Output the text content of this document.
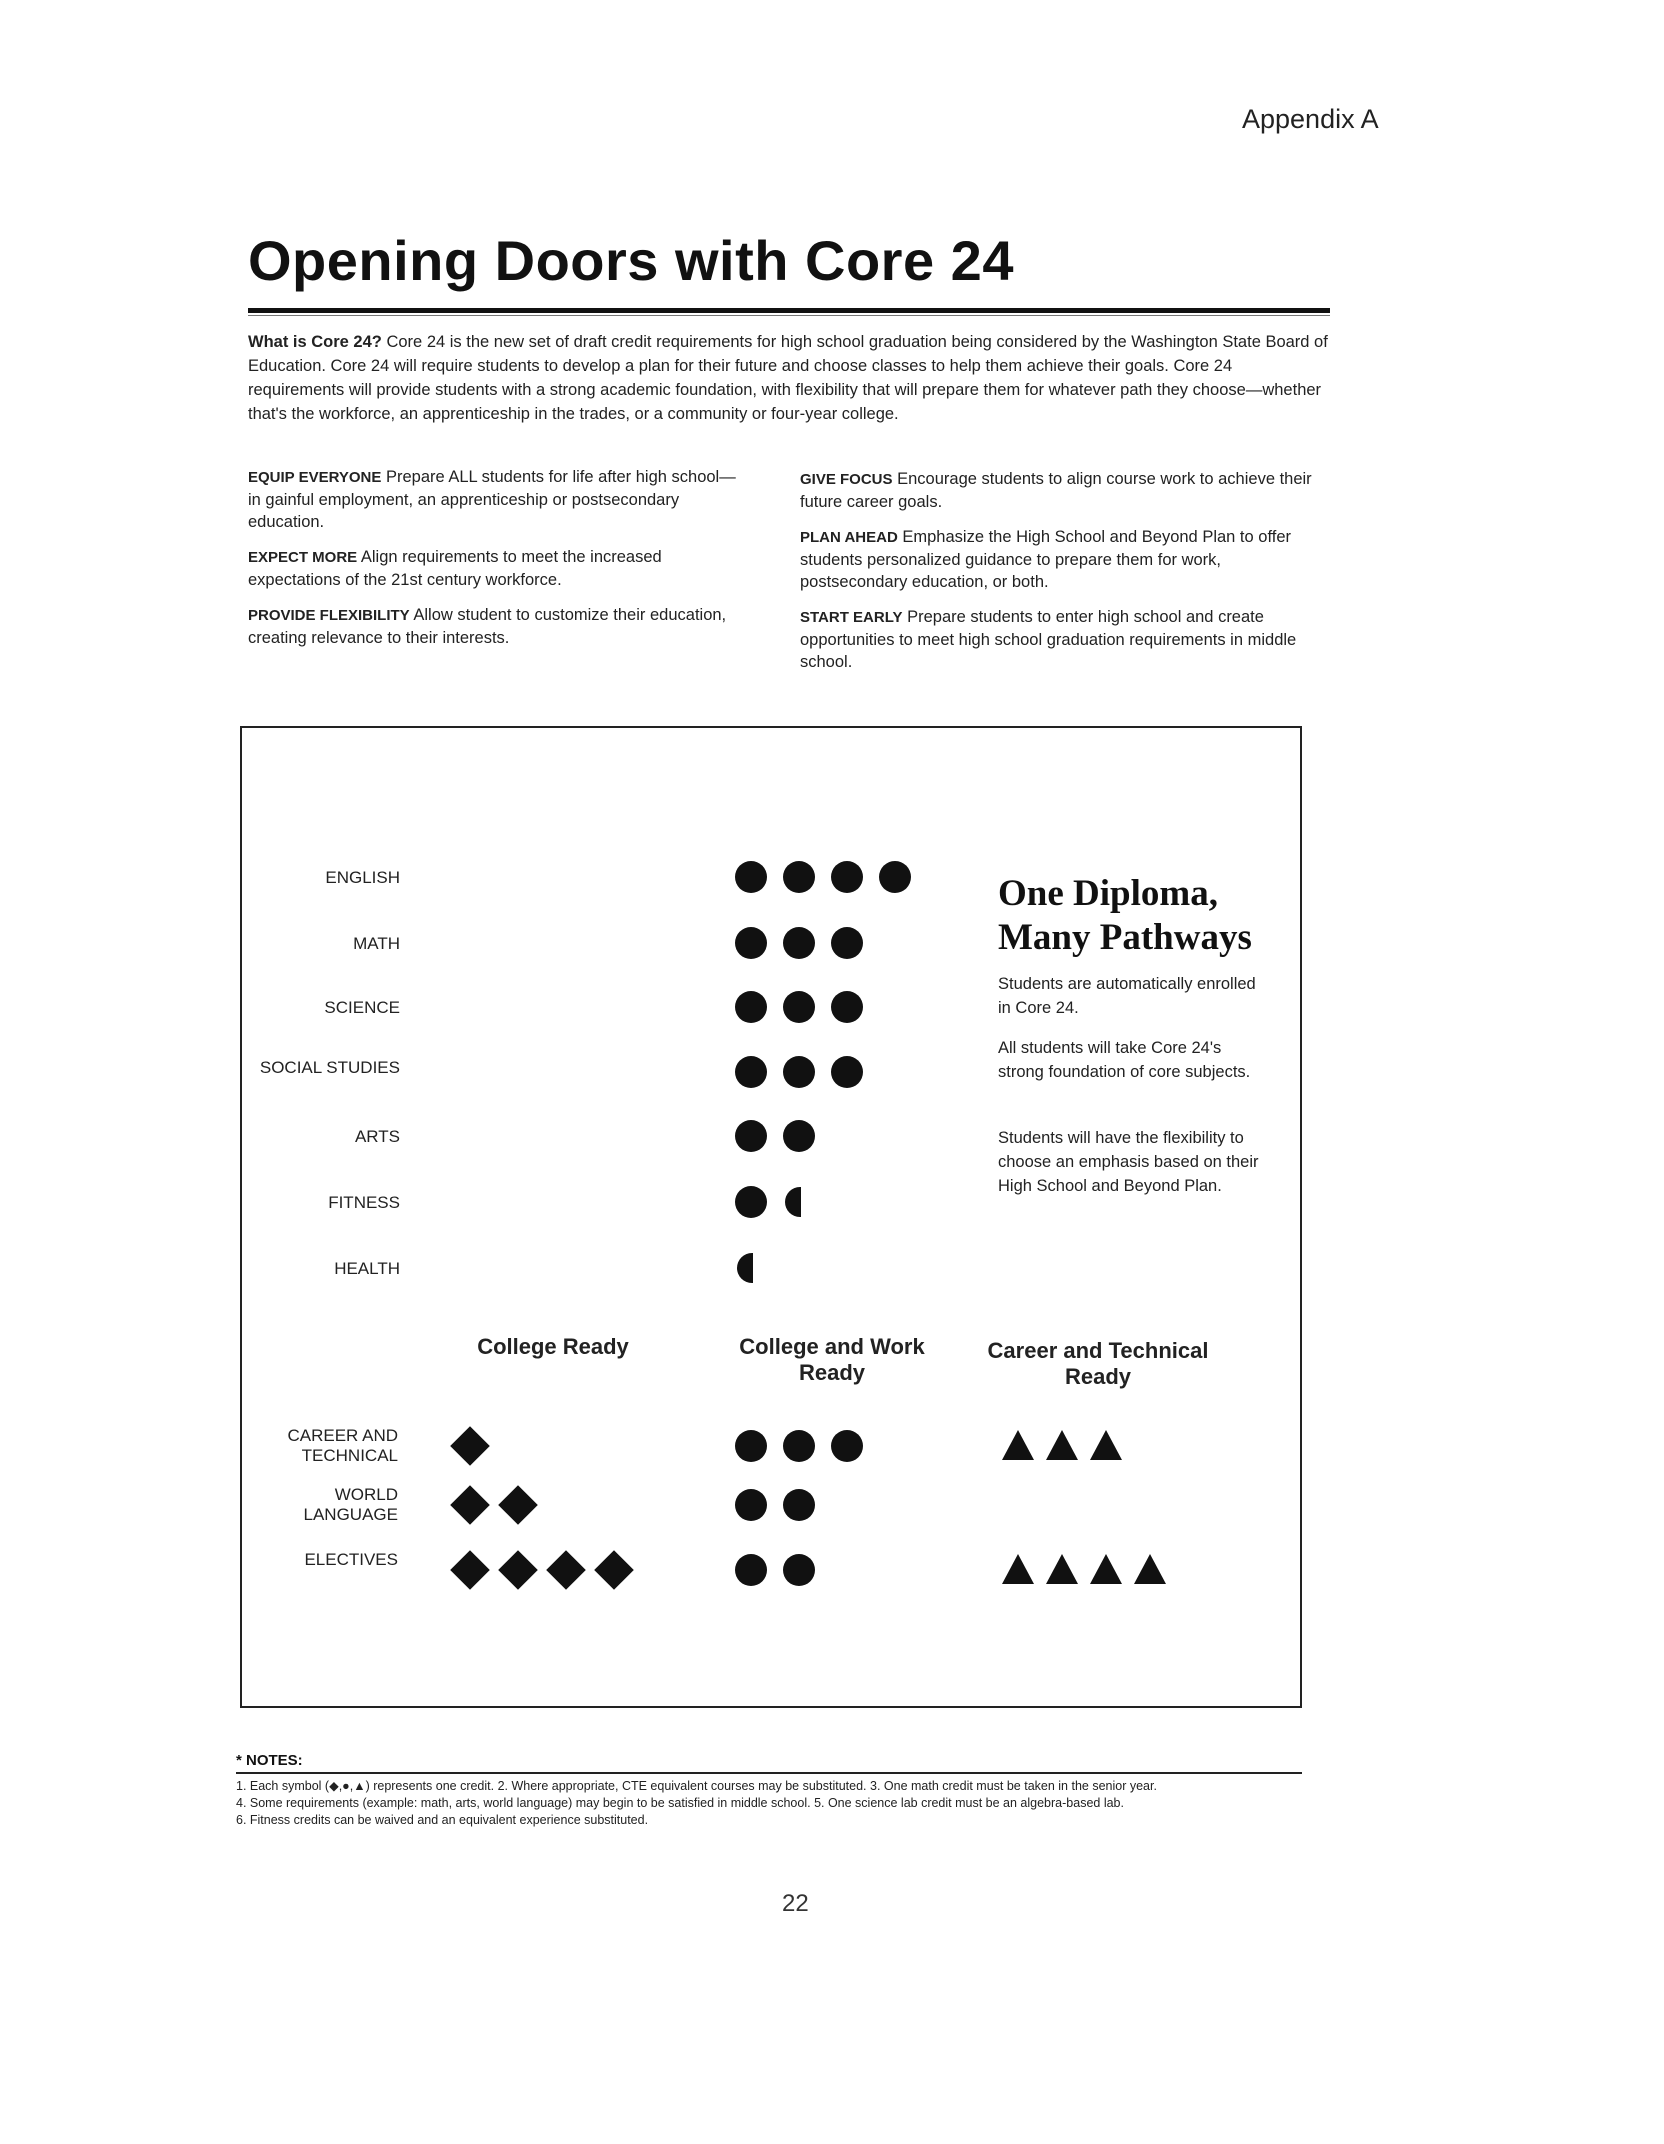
Appendix A
Opening Doors with Core 24
What is Core 24? Core 24 is the new set of draft credit requirements for high school graduation being considered by the Washington State Board of Education. Core 24 will require students to develop a plan for their future and choose classes to help them achieve their goals. Core 24 requirements will provide students with a strong academic foundation, with flexibility that will prepare them for whatever path they choose—whether that's the workforce, an apprenticeship in the trades, or a community or four-year college.
EQUIP EVERYONE Prepare ALL students for life after high school—in gainful employment, an apprenticeship or postsecondary education.
EXPECT MORE Align requirements to meet the increased expectations of the 21st century workforce.
PROVIDE FLEXIBILITY Allow student to customize their education, creating relevance to their interests.
GIVE FOCUS Encourage students to align course work to achieve their future career goals.
PLAN AHEAD Emphasize the High School and Beyond Plan to offer students personalized guidance to prepare them for work, postsecondary education, or both.
START EARLY Prepare students to enter high school and create opportunities to meet high school graduation requirements in middle school.
ENGLISH
MATH
SCIENCE
SOCIAL STUDIES
ARTS
FITNESS
HEALTH
CAREER AND TECHNICAL
WORLD LANGUAGE
ELECTIVES
One Diploma,
Many Pathways
Students are automatically enrolled in Core 24.
All students will take Core 24's strong foundation of core subjects.
Students will have the flexibility to choose an emphasis based on their High School and Beyond Plan.
College Ready	College and Work Ready
Career and Technical Ready
* NOTES:
1. Each symbol (◆,●,▲) represents one credit. 2. Where appropriate, CTE equivalent courses may be substituted. 3. One math credit must be taken in the senior year.
4. Some requirements (example: math, arts, world language) may begin to be satisfied in middle school. 5. One science lab credit must be an algebra-based lab.
6. Fitness credits can be waived and an equivalent experience substituted.
22
